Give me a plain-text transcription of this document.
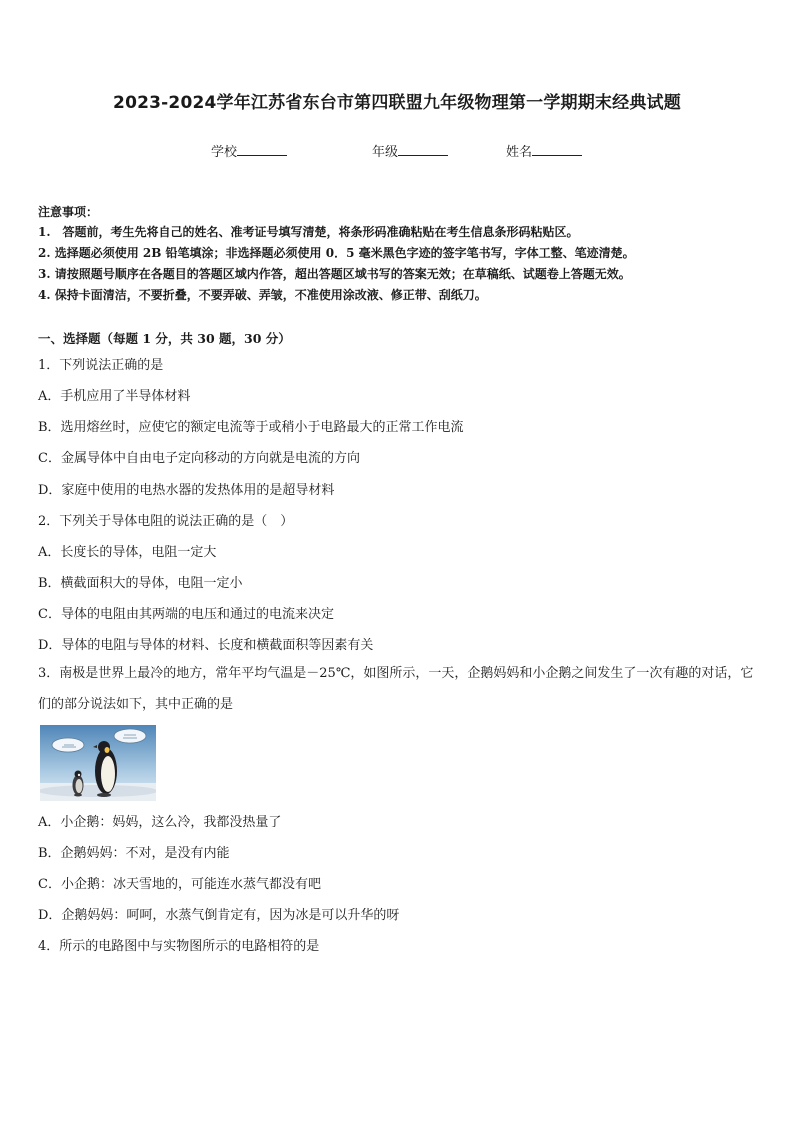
2023-2024学年江苏省东台市第四联盟九年级物理第一学期期末经典试题
学校	年级	姓名
注意事项：
1.　答题前，考生先将自己的姓名、准考证号填写清楚，将条形码准确粘贴在考生信息条形码粘贴区。
2. 选择题必须使用 2B 铅笔填涂；非选择题必须使用 0．5 毫米黑色字迹的签字笔书写，字体工整、笔迹清楚。
3. 请按照题号顺序在各题目的答题区域内作答，超出答题区域书写的答案无效；在草稿纸、试题卷上答题无效。
4. 保持卡面清洁，不要折叠，不要弄破、弄皱，不准使用涂改液、修正带、刮纸刀。
一、选择题（每题 1 分，共 30 题，30 分）
1．下列说法正确的是
A．手机应用了半导体材料
B．选用熔丝时，应使它的额定电流等于或稍小于电路最大的正常工作电流
C．金属导体中自由电子定向移动的方向就是电流的方向
D．家庭中使用的电热水器的发热体用的是超导材料
2．下列关于导体电阻的说法正确的是（　）
A．长度长的导体，电阻一定大
B．横截面积大的导体，电阻一定小
C．导体的电阻由其两端的电压和通过的电流来决定
D．导体的电阻与导体的材料、长度和横截面积等因素有关
3．南极是世界上最冷的地方，常年平均气温是－25℃，如图所示，一天，企鹅妈妈和小企鹅之间发生了一次有趣的对话，它们的部分说法如下，其中正确的是
A．小企鹅：妈妈，这么冷，我都没热量了
B．企鹅妈妈：不对，是没有内能
C．小企鹅：冰天雪地的，可能连水蒸气都没有吧
D．企鹅妈妈：呵呵，水蒸气倒肯定有，因为冰是可以升华的呀
4．所示的电路图中与实物图所示的电路相符的是
